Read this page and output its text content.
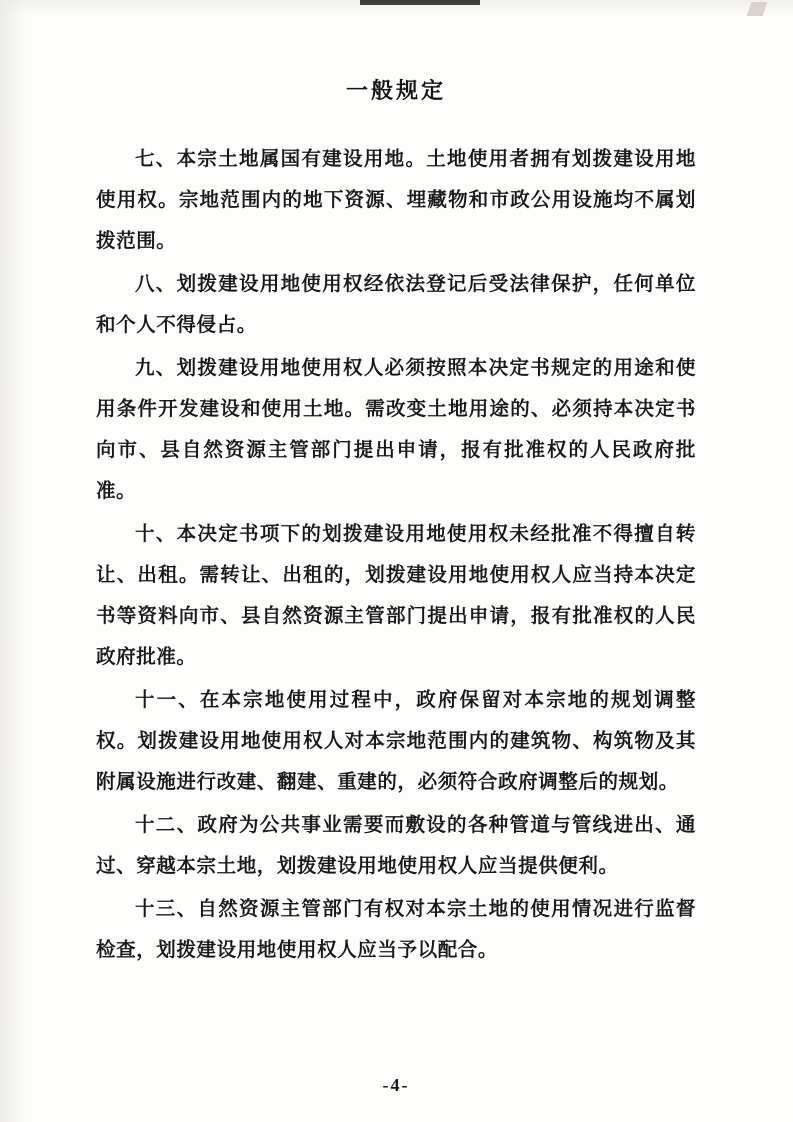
一般规定

七、本宗土地属国有建设用地。土地使用者拥有划拨建设用地使用权。宗地范围内的地下资源、埋藏物和市政公用设施均不属划拨范围。

八、划拨建设用地使用权经依法登记后受法律保护，任何单位和个人不得侵占。

九、划拨建设用地使用权人必须按照本决定书规定的用途和使用条件开发建设和使用土地。需改变土地用途的、必须持本决定书向市、县自然资源主管部门提出申请，报有批准权的人民政府批准。

十、本决定书项下的划拨建设用地使用权未经批准不得擅自转让、出租。需转让、出租的，划拨建设用地使用权人应当持本决定书等资料向市、县自然资源主管部门提出申请，报有批准权的人民政府批准。

十一、在本宗地使用过程中，政府保留对本宗地的规划调整权。划拨建设用地使用权人对本宗地范围内的建筑物、构筑物及其附属设施进行改建、翻建、重建的，必须符合政府调整后的规划。

十二、政府为公共事业需要而敷设的各种管道与管线进出、通过、穿越本宗土地，划拨建设用地使用权人应当提供便利。

十三、自然资源主管部门有权对本宗土地的使用情况进行监督检查，划拨建设用地使用权人应当予以配合。

-4-
